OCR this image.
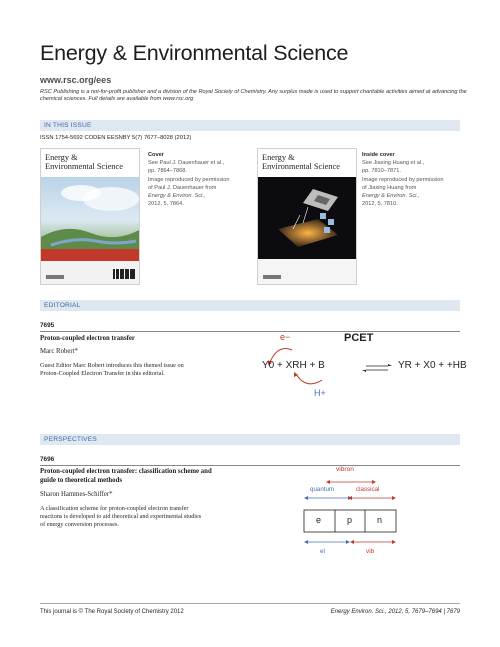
Energy & Environmental Science
www.rsc.org/ees
RSC Publishing is a not-for-profit publisher and a division of the Royal Society of Chemistry. Any surplus made is used to support charitable activities aimed at advancing the chemical sciences. Full details are available from www.rsc.org
IN THIS ISSUE
ISSN 1754-5692 CODEN EESNBY 5(7) 7677–8028 (2012)
Energy &
Environmental Science
Cover
See Paul J. Dauenhauer et al.,
pp. 7864–7868.
Image reproduced by permission
of Paul J. Dauenhauer from
Energy & Environ. Sci.,
2012, 5, 7864.
Energy &
Environmental Science
Inside cover
See Jiaxing Huang et al.,
pp. 7810–7871.
Image reproduced by permission
of Jiaxing Huang from
Energy & Environ. Sci.,
2012, 5, 7810.
EDITORIAL
7695
Proton-coupled electron transfer
Marc Robert*
Guest Editor Marc Robert introduces this themed issue on
Proton-Coupled Electron Transfer in this editorial.
e−	PCET
Y0 + XRH + B	YR + X0 + +HB
H+
PERSPECTIVES
7696
Proton-coupled electron transfer: classification scheme and
guide to theoretical methods
Sharon Hammes-Schiffer*
A classification scheme for proton-coupled electron transfer
reactions is developed to aid theoretical and experimental studies
of energy conversion processes.
vibron
quantum	classical
e	p	n
el	vib
This journal is © The Royal Society of Chemistry 2012	Energy Environ. Sci., 2012, 5, 7679–7694 | 7679
